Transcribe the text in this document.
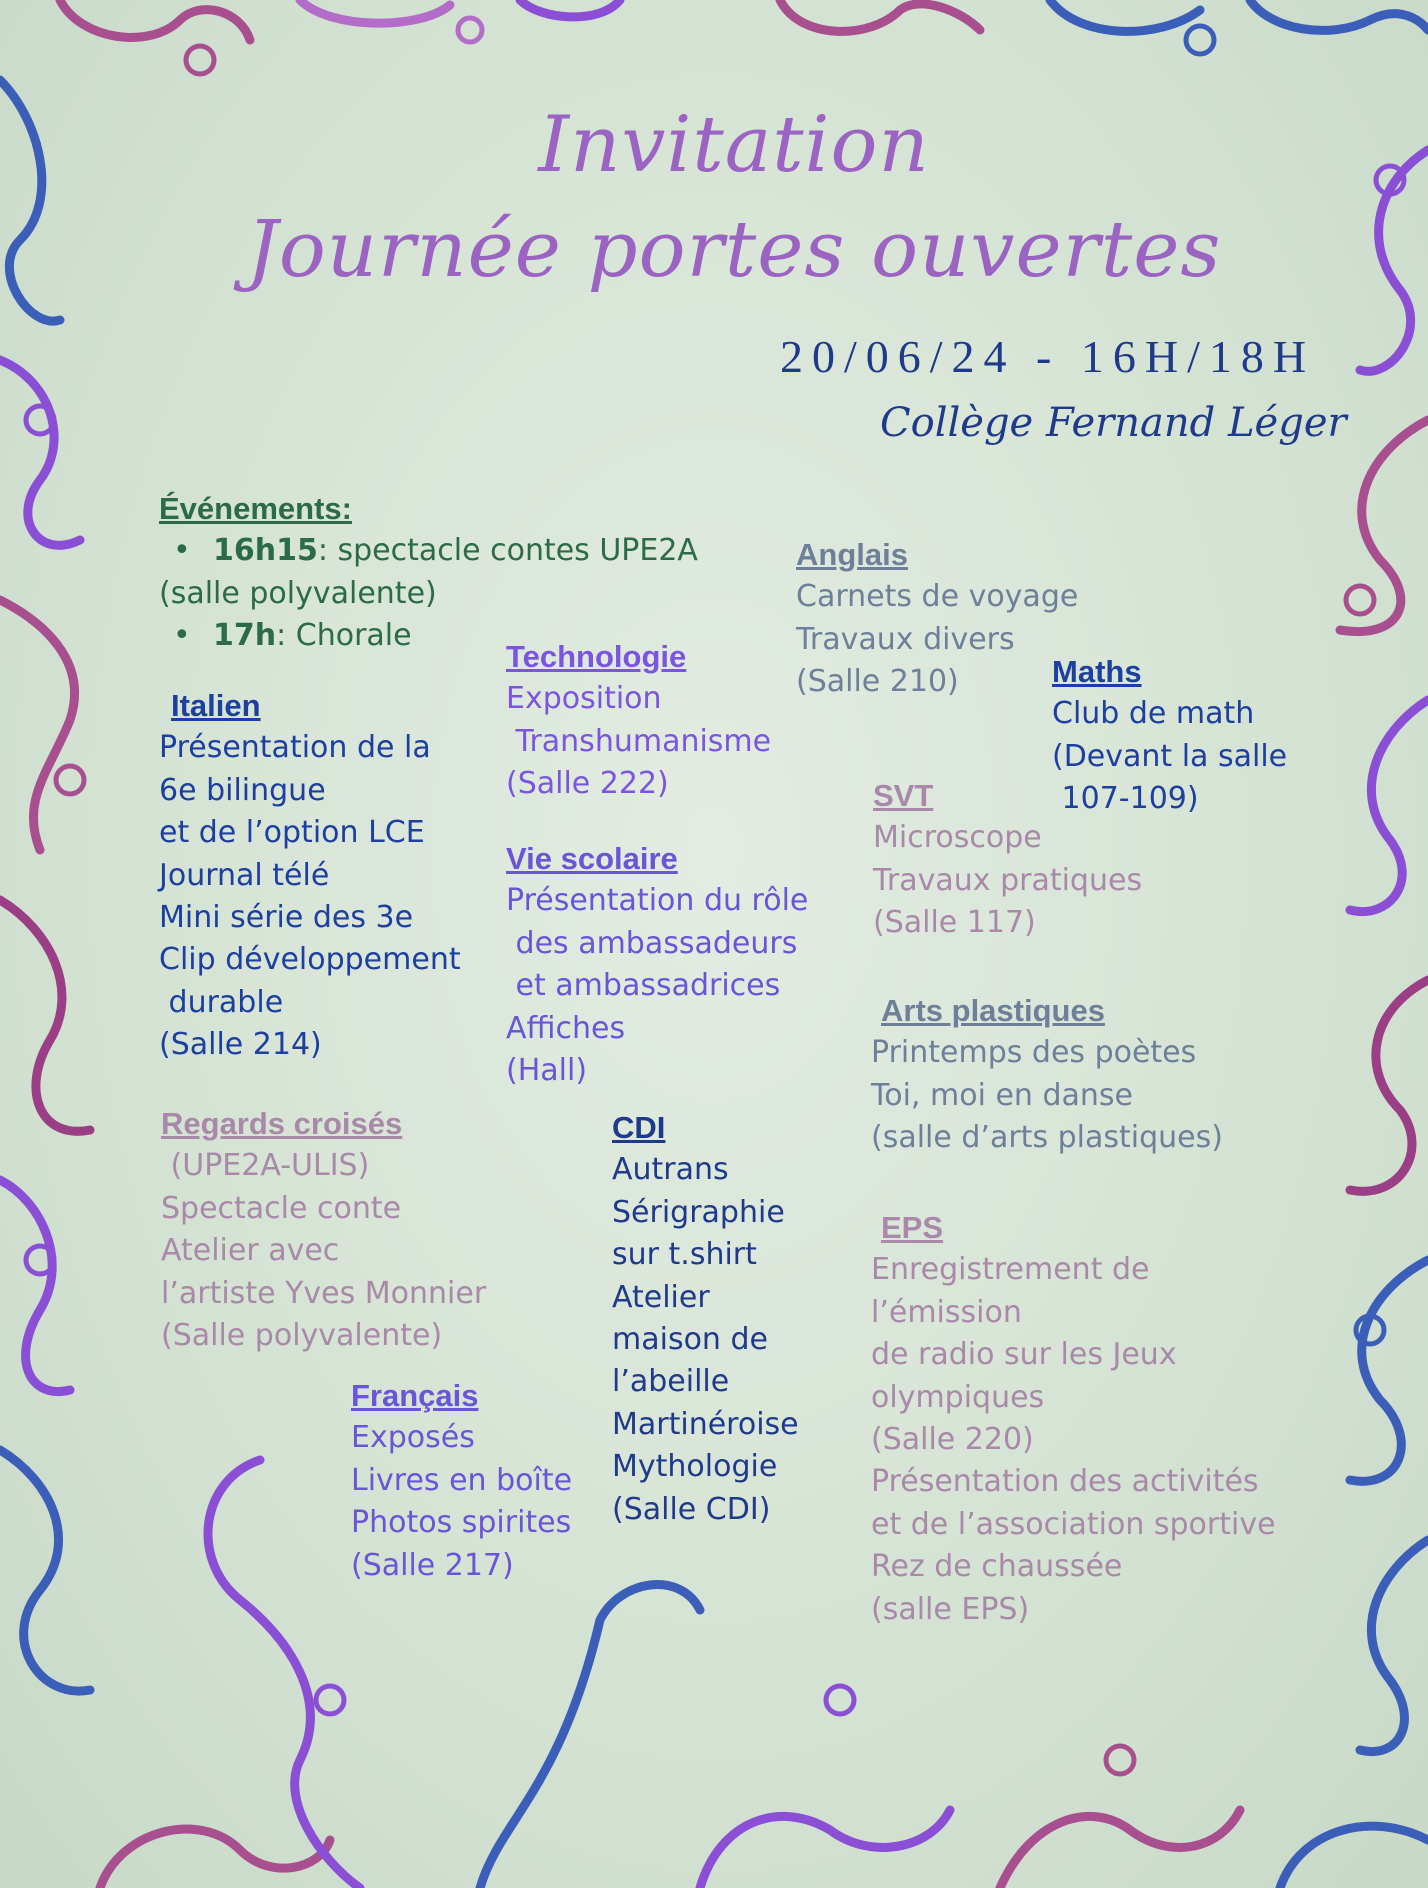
Invitation
Journée portes ouvertes
20/06/24 - 16H/18H
Collège Fernand Léger
Événements:
• 16h15: spectacle contes UPE2A
(salle polyvalente)
• 17h: Chorale
Italien
Présentation de la
6e bilingue
et de l’option LCE
Journal télé
Mini série des 3e
Clip développement
durable
(Salle 214)
Technologie
Exposition
Transhumanisme
(Salle 222)
Vie scolaire
Présentation du rôle
des ambassadeurs
et ambassadrices
Affiches
(Hall)
Anglais
Carnets de voyage
Travaux divers
(Salle 210)	Maths
Club de math
(Devant la salle
107-109)
SVT
Microscope
Travaux pratiques
(Salle 117)
Arts plastiques
Printemps des poètes
Toi, moi en danse
(salle d’arts plastiques)
Regards croisés
(UPE2A-ULIS)
Spectacle conte
Atelier avec
l’artiste Yves Monnier
(Salle polyvalente)
CDI
Autrans
Sérigraphie
sur t.shirt
Atelier
maison de
l’abeille
Martinéroise
Mythologie
(Salle CDI)
EPS
Enregistrement de
l’émission
de radio sur les Jeux
olympiques
(Salle 220)
Présentation des activités
et de l’association sportive
Rez de chaussée
(salle EPS)
Français
Exposés
Livres en boîte
Photos spirites
(Salle 217)
